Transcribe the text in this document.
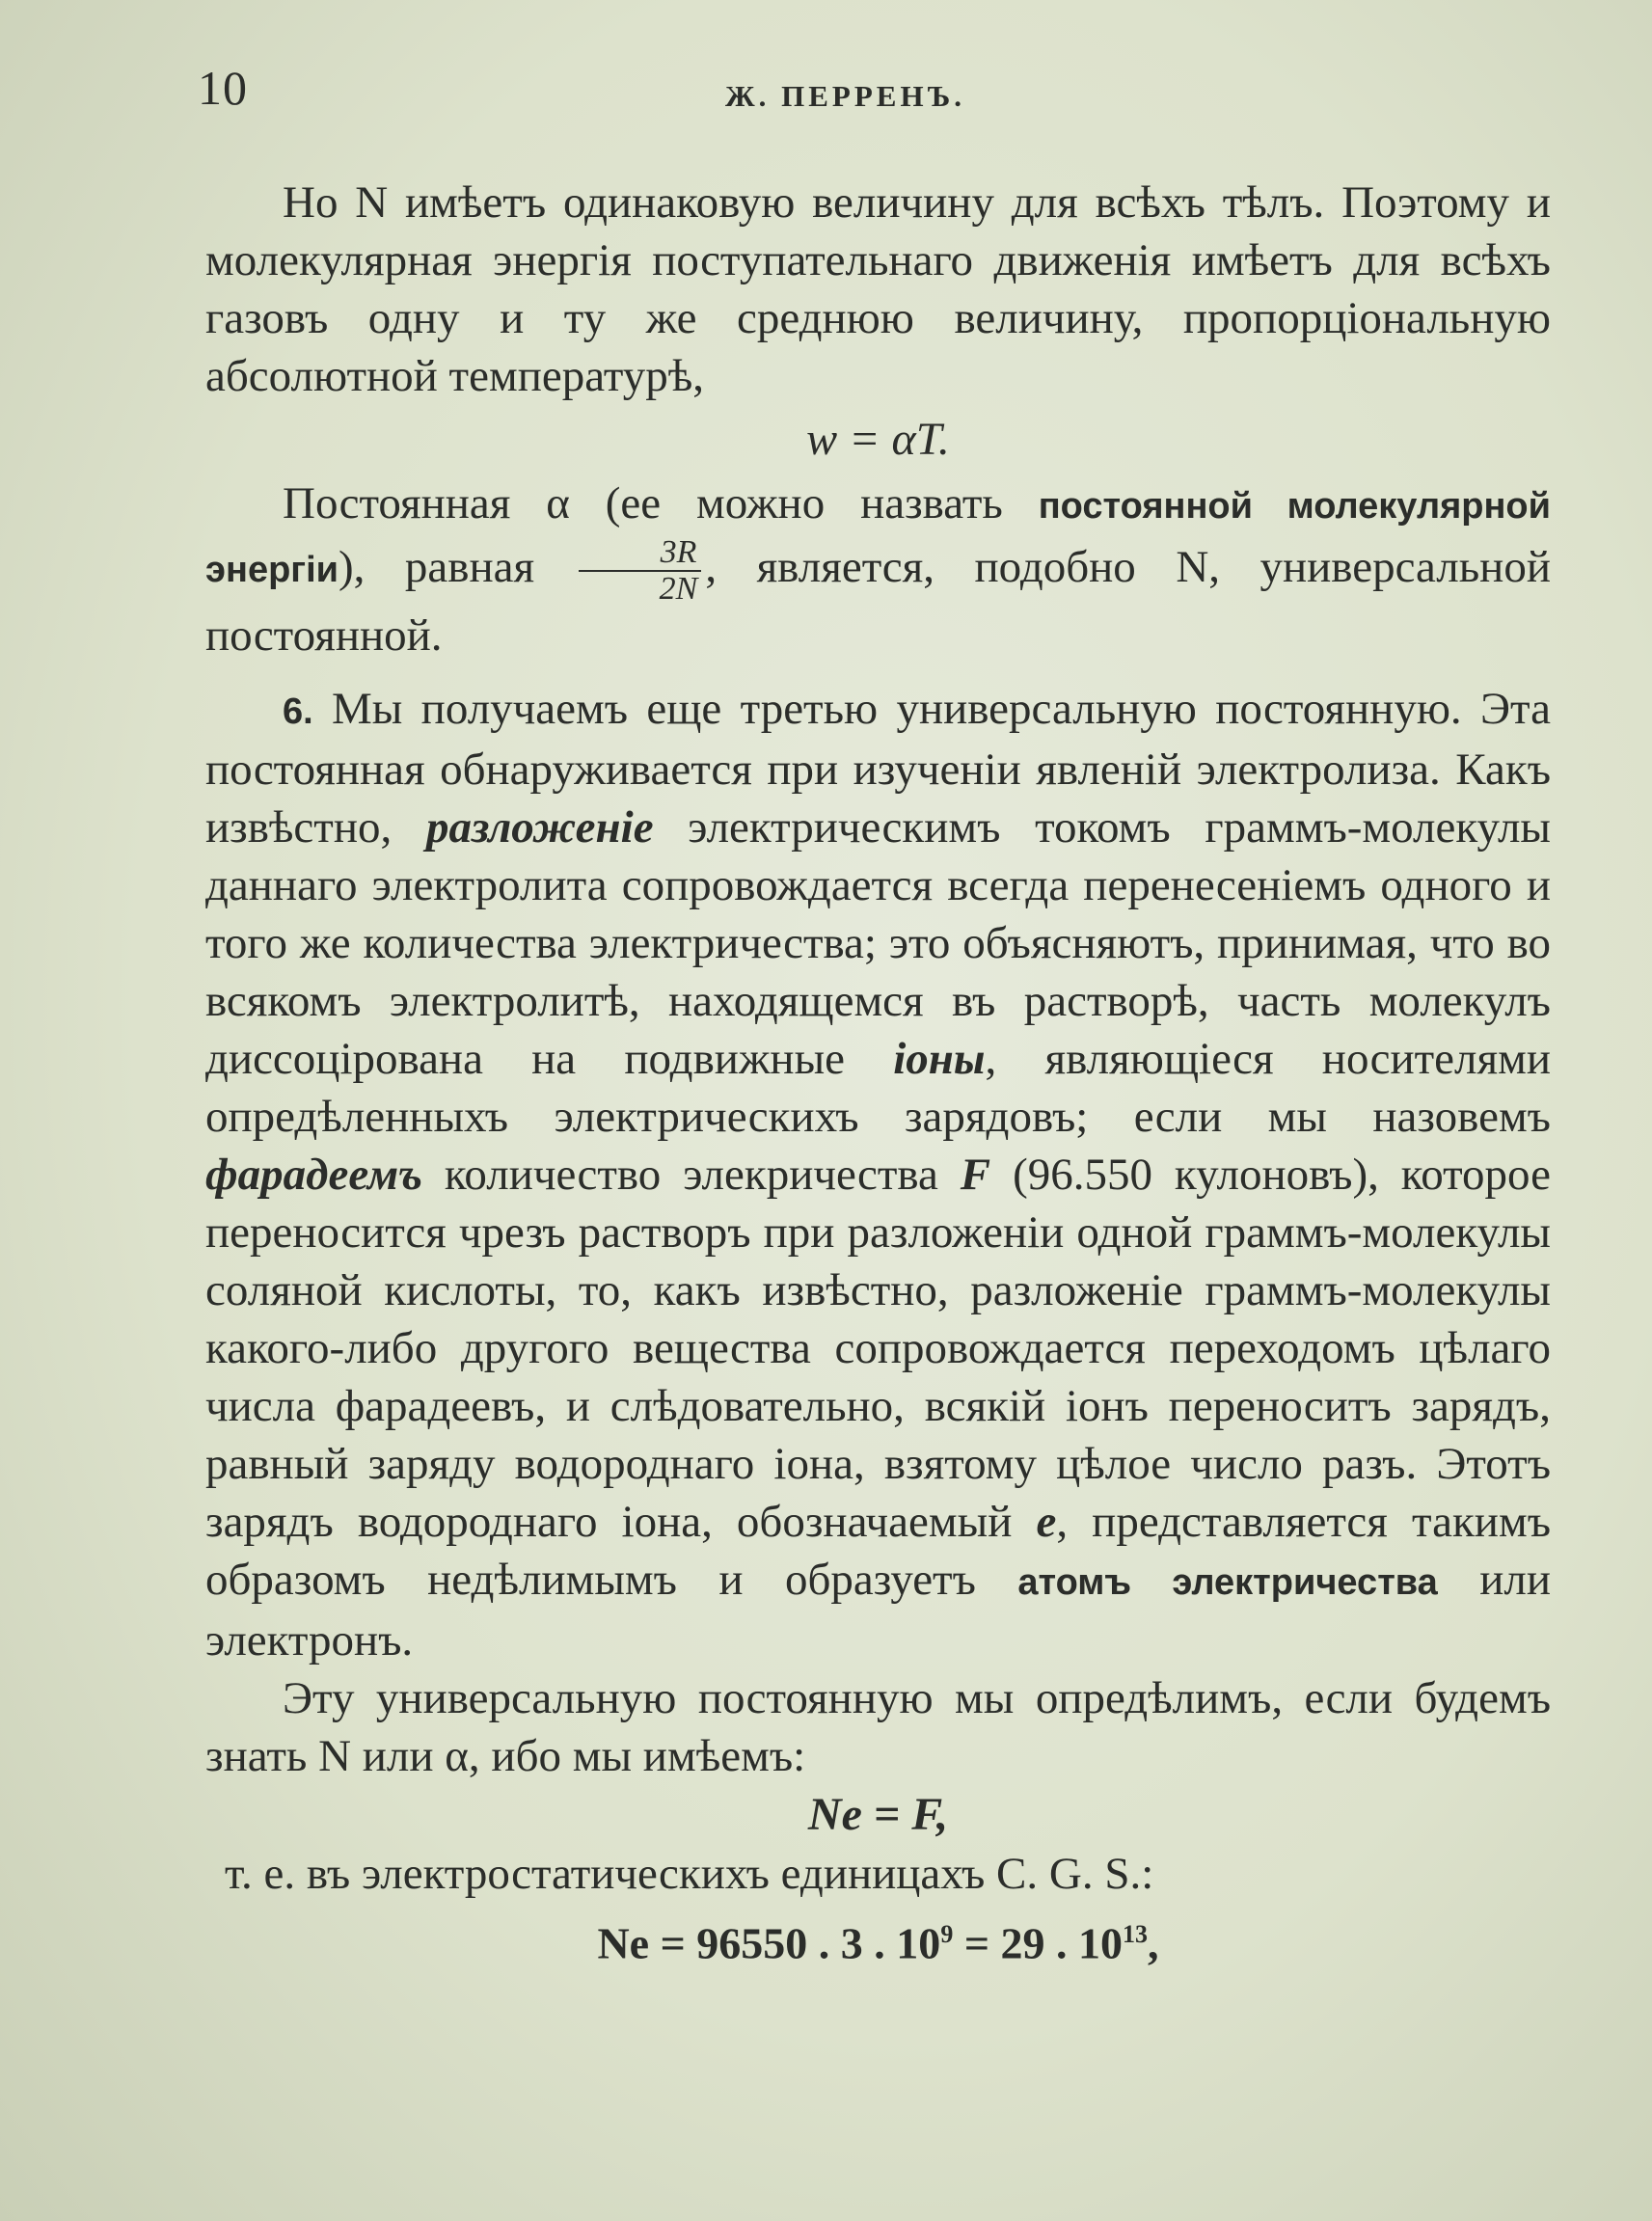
10	Ж. ПЕРРЕНЪ.

Но N имѣетъ одинаковую величину для всѣхъ тѣлъ. Поэтому и молекулярная энергія поступательнаго движенія имѣетъ для всѣхъ газовъ одну и ту же среднюю величину, пропорціональную абсолютной температурѣ,

w = αT.

Постоянная α (ее можно назвать постоянной молекулярной энергіи), равная $\frac{3R}{2N}$ , является, подобно N, универсальной постоянной.

6. Мы получаемъ еще третью универсальную постоянную. Эта постоянная обнаруживается при изученіи явленій электролиза. Какъ извѣстно, разложеніе электрическимъ токомъ граммъ-молекулы даннаго электролита сопровождается всегда перенесеніемъ одного и того же количества электричества; это объясняютъ, принимая, что во всякомъ электролитѣ, находящемся въ растворѣ, часть молекулъ диссоцірована на подвижные іоны, являющіеся носителями опредѣленныхъ электрическихъ зарядовъ; если мы назовемъ фарадеемъ количество элекричества F (96.550 кулоновъ), которое переносится чрезъ растворъ при разложеніи одной граммъ-молекулы соляной кислоты, то, какъ извѣстно, разложеніе граммъ-молекулы какого-либо другого вещества сопровождается переходомъ цѣлаго числа фарадеевъ, и слѣдовательно, всякій іонъ переноситъ зарядъ, равный заряду водороднаго іона, взятому цѣлое число разъ. Этотъ зарядъ водороднаго іона, обозначаемый e, представляется такимъ образомъ недѣлимымъ и образуетъ атомъ электричества или электронъ.

Эту универсальную постоянную мы опредѣлимъ, если будемъ знать N или α, ибо мы имѣемъ:

Ne = F,

т. е. въ электростатическихъ единицахъ C. G. S.:

Ne = 96550 . 3 . $10^9 = 29$ . $10^{13}$,
